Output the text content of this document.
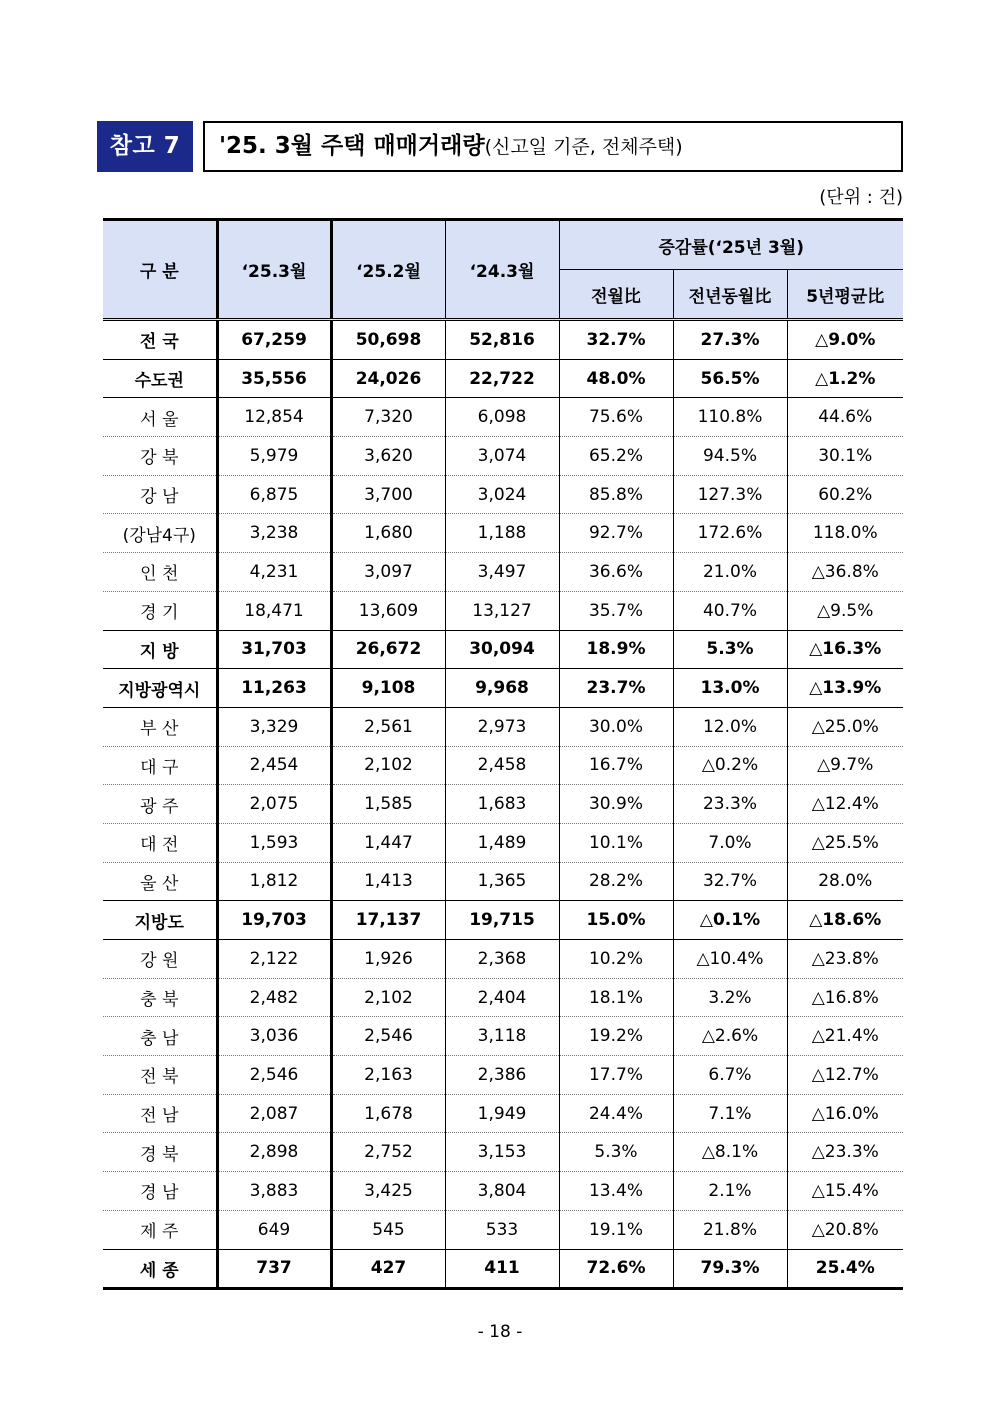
참고 7	'25. 3월 주택 매매거래량(신고일 기준, 전체주택)
(단위 : 건)
구 분	‘25.3월	‘25.2월	‘24.3월	증감률(‘25년 3월)		
				전월比	전년동월比	5년평균比
전 국	67,259	50,698	52,816	32.7%	27.3%	△9.0%
수도권	35,556	24,026	22,722	48.0%	56.5%	△1.2%
서 울	12,854	7,320	6,098	75.6%	110.8%	44.6%
강 북	5,979	3,620	3,074	65.2%	94.5%	30.1%
강 남	6,875	3,700	3,024	85.8%	127.3%	60.2%
(강남4구)	3,238	1,680	1,188	92.7%	172.6%	118.0%
인 천	4,231	3,097	3,497	36.6%	21.0%	△36.8%
경 기	18,471	13,609	13,127	35.7%	40.7%	△9.5%
지 방	31,703	26,672	30,094	18.9%	5.3%	△16.3%
지방광역시	11,263	9,108	9,968	23.7%	13.0%	△13.9%
부 산	3,329	2,561	2,973	30.0%	12.0%	△25.0%
대 구	2,454	2,102	2,458	16.7%	△0.2%	△9.7%
광 주	2,075	1,585	1,683	30.9%	23.3%	△12.4%
대 전	1,593	1,447	1,489	10.1%	7.0%	△25.5%
울 산	1,812	1,413	1,365	28.2%	32.7%	28.0%
지방도	19,703	17,137	19,715	15.0%	△0.1%	△18.6%
강 원	2,122	1,926	2,368	10.2%	△10.4%	△23.8%
충 북	2,482	2,102	2,404	18.1%	3.2%	△16.8%
충 남	3,036	2,546	3,118	19.2%	△2.6%	△21.4%
전 북	2,546	2,163	2,386	17.7%	6.7%	△12.7%
전 남	2,087	1,678	1,949	24.4%	7.1%	△16.0%
경 북	2,898	2,752	3,153	5.3%	△8.1%	△23.3%
경 남	3,883	3,425	3,804	13.4%	2.1%	△15.4%
제 주	649	545	533	19.1%	21.8%	△20.8%
세 종	737	427	411	72.6%	79.3%	25.4%
- 18 -
